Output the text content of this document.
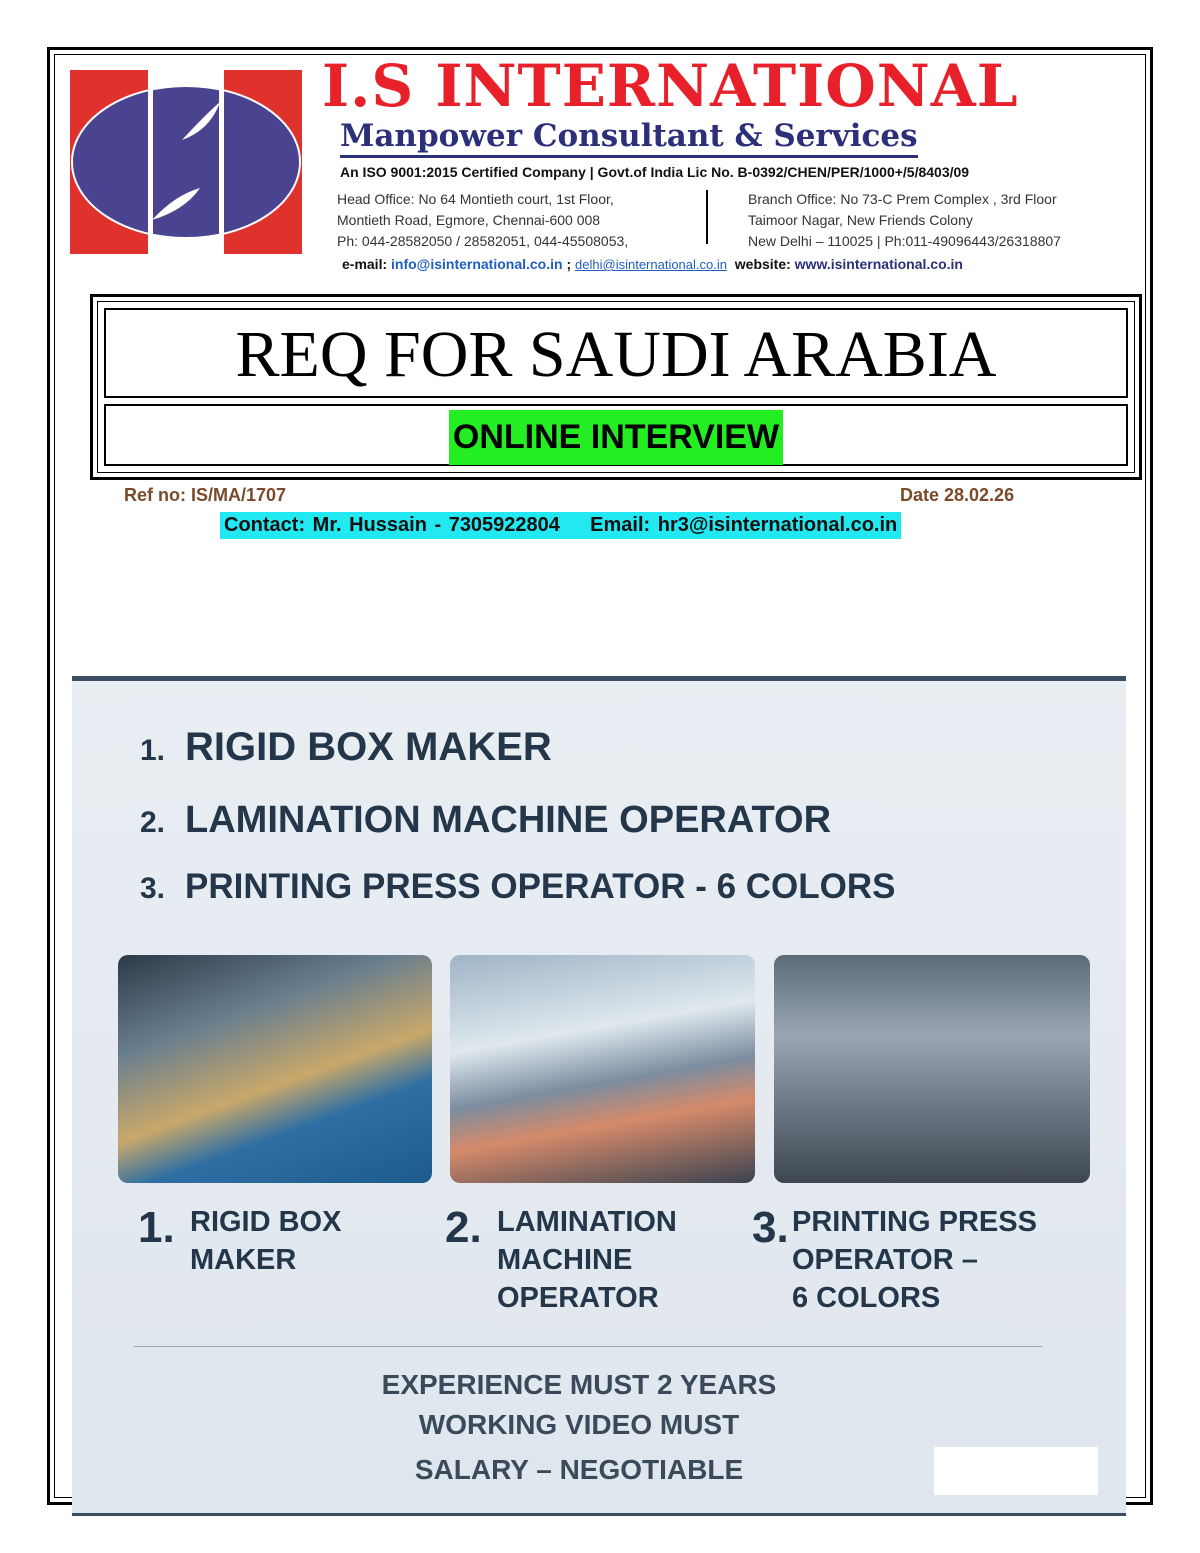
I.S INTERNATIONAL
Manpower Consultant & Services
An ISO 9001:2015 Certified Company | Govt.of India Lic No. B-0392/CHEN/PER/1000+/5/8403/09
Head Office: No 64 Montieth court, 1st Floor,
Montieth Road, Egmore, Chennai-600 008
Ph: 044-28582050 / 28582051, 044-45508053,
Branch Office: No 73-C Prem Complex , 3rd Floor
Taimoor Nagar, New Friends Colony
New Delhi – 110025 | Ph:011-49096443/26318807
e-mail: info@isinternational.co.in ; delhi@isinternational.co.in website: www.isinternational.co.in
REQ FOR SAUDI ARABIA
ONLINE INTERVIEW
Ref no: IS/MA/1707	Date 28.02.26
Contact: Mr. Hussain - 7305922804    Email: hr3@isinternational.co.in
1. RIGID BOX MAKER
2. LAMINATION MACHINE OPERATOR
3. PRINTING PRESS OPERATOR - 6 COLORS
1. RIGID BOX
MAKER
2. LAMINATION
MACHINE
OPERATOR
3. PRINTING PRESS
OPERATOR –
6 COLORS
EXPERIENCE MUST 2 YEARS
WORKING VIDEO MUST
SALARY – NEGOTIABLE
